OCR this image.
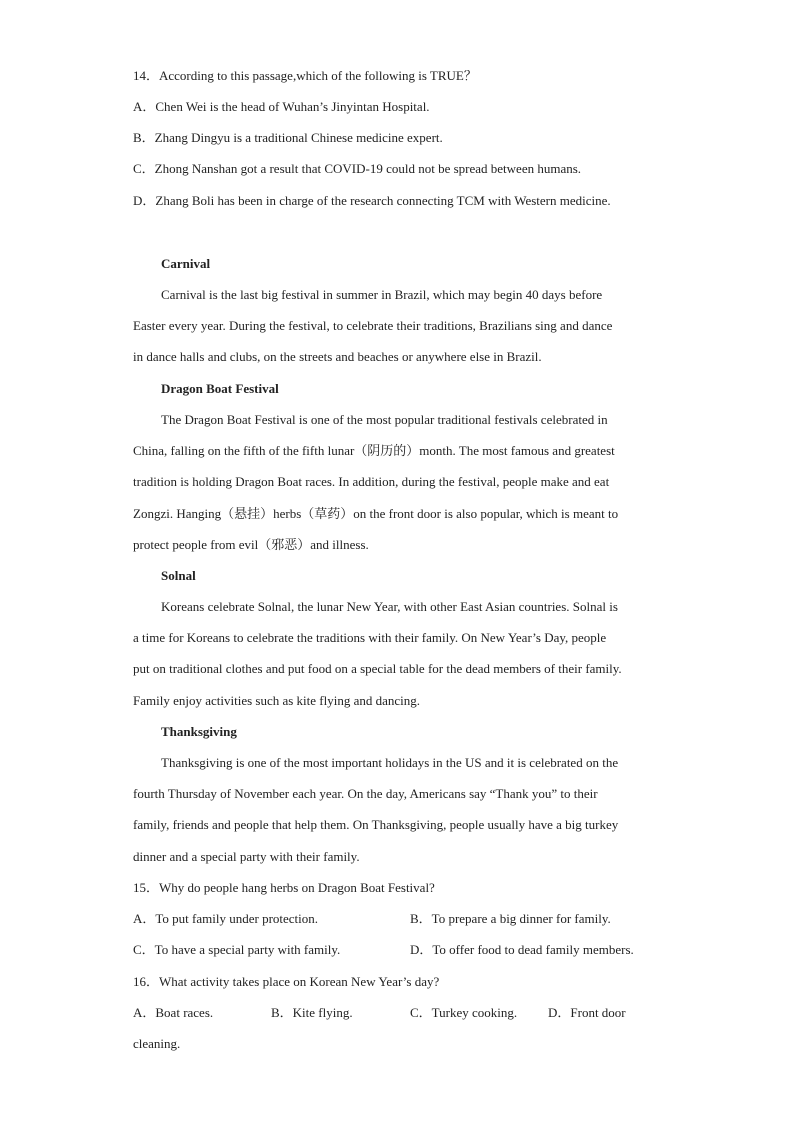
14．According to this passage,which of the following is TRUE？
A．Chen Wei is the head of Wuhan’s Jinyintan Hospital.
B．Zhang Dingyu is a traditional Chinese medicine expert.
C．Zhong Nanshan got a result that COVID-19 could not be spread between humans.
D．Zhang Boli has been in charge of the research connecting TCM with Western medicine.
Carnival
Carnival is the last big festival in summer in Brazil, which may begin 40 days before
Easter every year. During the festival, to celebrate their traditions, Brazilians sing and dance
in dance halls and clubs, on the streets and beaches or anywhere else in Brazil.
Dragon Boat Festival
The Dragon Boat Festival is one of the most popular traditional festivals celebrated in
China, falling on the fifth of the fifth lunar（阴历的）month. The most famous and greatest
tradition is holding Dragon Boat races. In addition, during the festival, people make and eat
Zongzi. Hanging（悬挂）herbs（草药）on the front door is also popular, which is meant to
protect people from evil（邪恶）and illness.
Solnal
Koreans celebrate Solnal, the lunar New Year, with other East Asian countries. Solnal is
a time for Koreans to celebrate the traditions with their family. On New Year’s Day, people
put on traditional clothes and put food on a special table for the dead members of their family.
Family enjoy activities such as kite flying and dancing.
Thanksgiving
Thanksgiving is one of the most important holidays in the US and it is celebrated on the
fourth Thursday of November each year. On the day, Americans say “Thank you” to their
family, friends and people that help them. On Thanksgiving, people usually have a big turkey
dinner and a special party with their family.
15．Why do people hang herbs on Dragon Boat Festival?
A．To put family under protection.	B．To prepare a big dinner for family.
C．To have a special party with family.	D．To offer food to dead family members.
16．What activity takes place on Korean New Year’s day?
A．Boat races.	B．Kite flying.	C．Turkey cooking. D．Front door
cleaning.
